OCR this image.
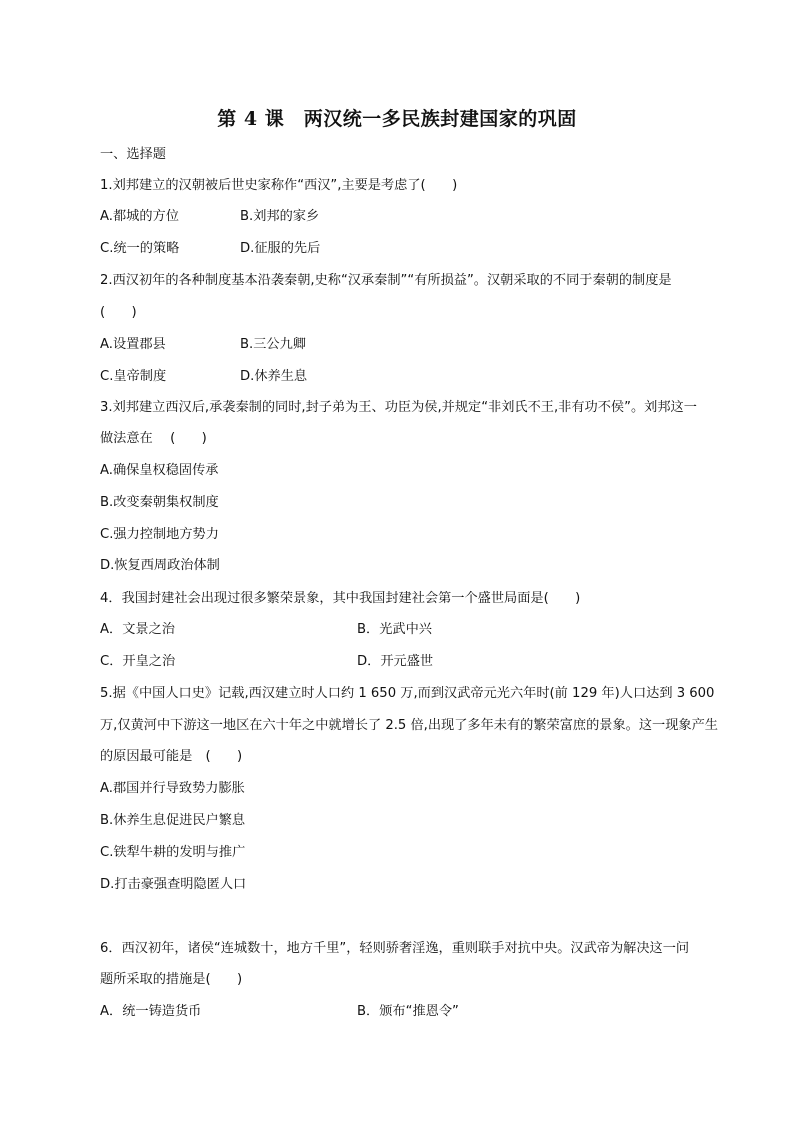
第 4 课　两汉统一多民族封建国家的巩固
一、选择题
1.刘邦建立的汉朝被后世史家称作“西汉”,主要是考虑了(　　)
A.都城的方位	B.刘邦的家乡
C.统一的策略	D.征服的先后
2.西汉初年的各种制度基本沿袭秦朝,史称“汉承秦制”“有所损益”。汉朝采取的不同于秦朝的制度是
(　　)
A.设置郡县	B.三公九卿
C.皇帝制度	D.休养生息
3.刘邦建立西汉后,承袭秦制的同时,封子弟为王、功臣为侯,并规定“非刘氏不王,非有功不侯”。刘邦这一
做法意在　 (　　)
A.确保皇权稳固传承
B.改变秦朝集权制度
C.强力控制地方势力
D.恢复西周政治体制
4．我国封建社会出现过很多繁荣景象，其中我国封建社会第一个盛世局面是(　　)
A．文景之治	B．光武中兴
C．开皇之治	D．开元盛世
5.据《中国人口史》记载,西汉建立时人口约 1 650 万,而到汉武帝元光六年时(前 129 年)人口达到 3 600
万,仅黄河中下游这一地区在六十年之中就增长了 2.5 倍,出现了多年未有的繁荣富庶的景象。这一现象产生
的原因最可能是　(　　)
A.郡国并行导致势力膨胀
B.休养生息促进民户繁息
C.铁犁牛耕的发明与推广
D.打击豪强查明隐匿人口
6．西汉初年，诸侯“连城数十，地方千里”，轻则骄奢淫逸，重则联手对抗中央。汉武帝为解决这一问
题所采取的措施是(　　)
A．统一铸造货币	B．颁布“推恩令”
